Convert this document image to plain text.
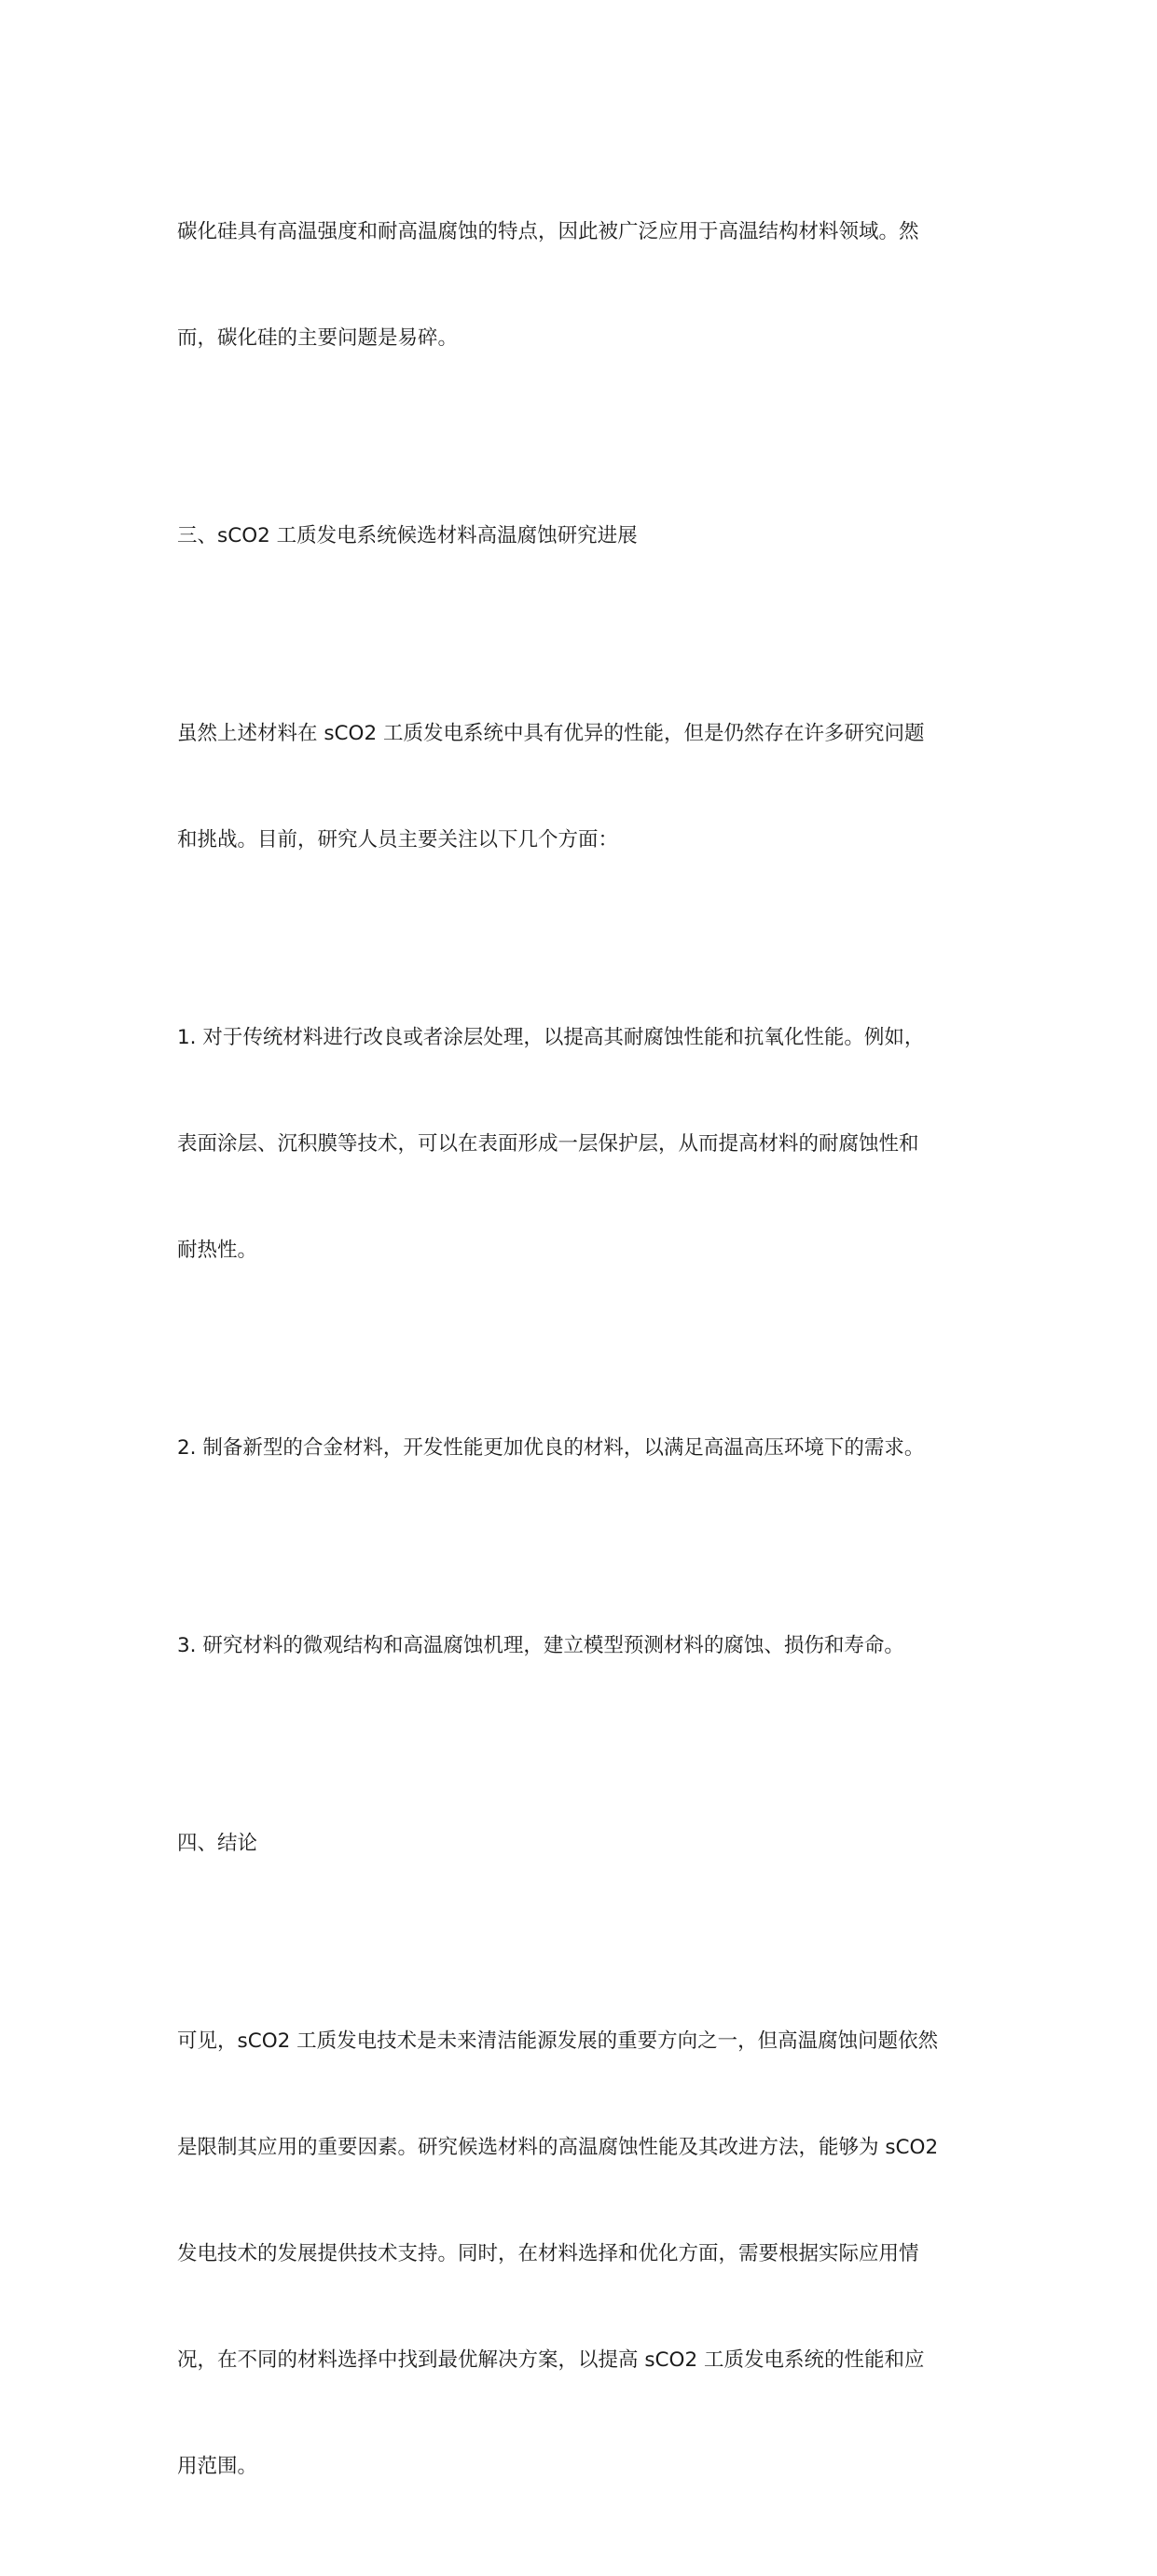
碳化硅具有高温强度和耐高温腐蚀的特点，因此被广泛应用于高温结构材料领域。然

而，碳化硅的主要问题是易碎。

三、sCO2 工质发电系统候选材料高温腐蚀研究进展

虽然上述材料在 sCO2 工质发电系统中具有优异的性能，但是仍然存在许多研究问题

和挑战。目前，研究人员主要关注以下几个方面：

1. 对于传统材料进行改良或者涂层处理，以提高其耐腐蚀性能和抗氧化性能。例如，

表面涂层、沉积膜等技术，可以在表面形成一层保护层，从而提高材料的耐腐蚀性和

耐热性。

2. 制备新型的合金材料，开发性能更加优良的材料，以满足高温高压环境下的需求。

3. 研究材料的微观结构和高温腐蚀机理，建立模型预测材料的腐蚀、损伤和寿命。

四、结论

可见，sCO2 工质发电技术是未来清洁能源发展的重要方向之一，但高温腐蚀问题依然

是限制其应用的重要因素。研究候选材料的高温腐蚀性能及其改进方法，能够为 sCO2

发电技术的发展提供技术支持。同时，在材料选择和优化方面，需要根据实际应用情

况，在不同的材料选择中找到最优解决方案，以提高 sCO2 工质发电系统的性能和应

用范围。
